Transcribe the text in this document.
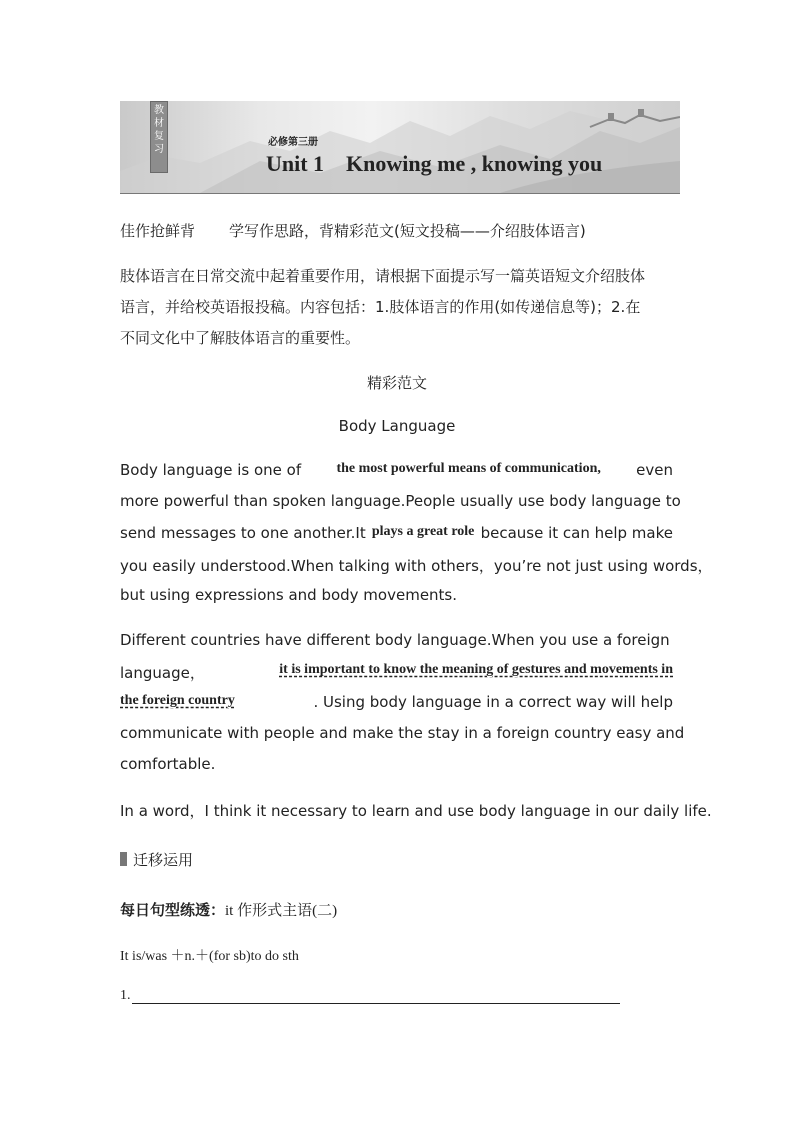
教
材
复
习
必修第三册
Unit 1    Knowing me , knowing you
佳作抢鲜背 学写作思路，背精彩范文(短文投稿——介绍肢体语言)
肢体语言在日常交流中起着重要作用，请根据下面提示写一篇英语短文介绍肢体
语言，并给校英语报投稿。内容包括：1.肢体语言的作用(如传递信息等)；2.在
不同文化中了解肢体语言的重要性。
精彩范文
Body Language
Body language is one of	the most powerful means of communication, even
more powerful than spoken language.People usually use body language to
send messages to one another.It plays a great role because it can help make
you easily understood.When talking with others，you’re not just using words，
but using expressions and body movements.
Different countries have different body language.When you use a foreign
language，	it is important to know the meaning of gestures and movements in
the foreign country	. Using body language in a correct way will help
communicate with people and make the stay in a foreign country easy and
comfortable.
In a word，I think it necessary to learn and use body language in our daily life.
迁移运用
每日句型练透：it 作形式主语(二)
It is/was ＋n.＋(for sb)to do sth
1.
